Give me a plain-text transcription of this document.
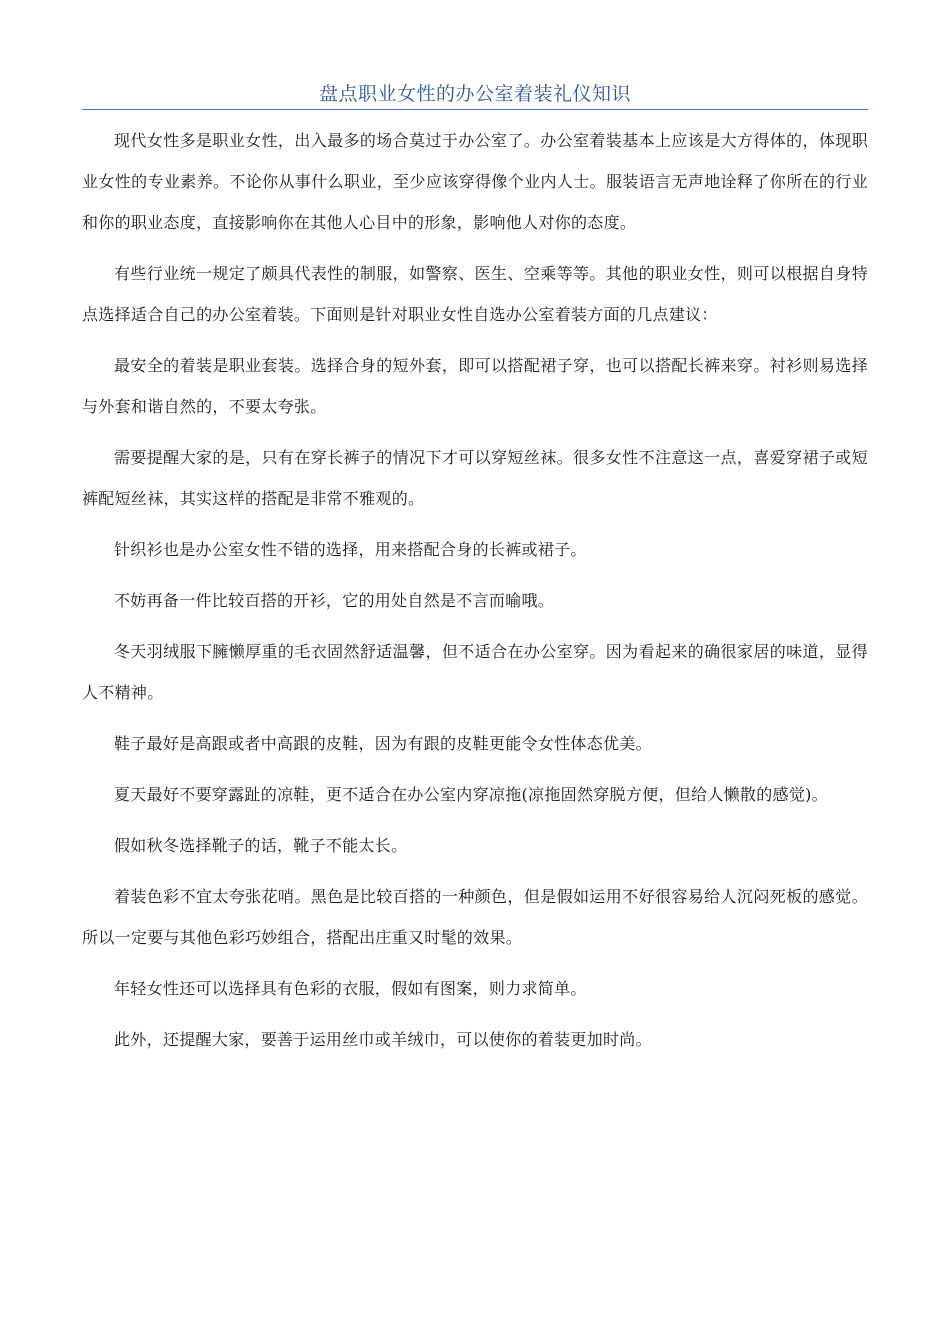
盘点职业女性的办公室着装礼仪知识

现代女性多是职业女性，出入最多的场合莫过于办公室了。办公室着装基本上应该是大方得体的，体现职业女性的专业素养。不论你从事什么职业，至少应该穿得像个业内人士。服装语言无声地诠释了你所在的行业和你的职业态度，直接影响你在其他人心目中的形象，影响他人对你的态度。

有些行业统一规定了颇具代表性的制服，如警察、医生、空乘等等。其他的职业女性，则可以根据自身特点选择适合自己的办公室着装。下面则是针对职业女性自选办公室着装方面的几点建议：

最安全的着装是职业套装。选择合身的短外套，即可以搭配裙子穿，也可以搭配长裤来穿。衬衫则易选择与外套和谐自然的，不要太夸张。

需要提醒大家的是，只有在穿长裤子的情况下才可以穿短丝袜。很多女性不注意这一点，喜爱穿裙子或短裤配短丝袜，其实这样的搭配是非常不雅观的。

针织衫也是办公室女性不错的选择，用来搭配合身的长裤或裙子。

不妨再备一件比较百搭的开衫，它的用处自然是不言而喻哦。

冬天羽绒服下臃懒厚重的毛衣固然舒适温馨，但不适合在办公室穿。因为看起来的确很家居的味道，显得人不精神。

鞋子最好是高跟或者中高跟的皮鞋，因为有跟的皮鞋更能令女性体态优美。

夏天最好不要穿露趾的凉鞋，更不适合在办公室内穿凉拖(凉拖固然穿脱方便，但给人懒散的感觉)。

假如秋冬选择靴子的话，靴子不能太长。

着装色彩不宜太夸张花哨。黑色是比较百搭的一种颜色，但是假如运用不好很容易给人沉闷死板的感觉。所以一定要与其他色彩巧妙组合，搭配出庄重又时髦的效果。

年轻女性还可以选择具有色彩的衣服，假如有图案，则力求简单。

此外，还提醒大家，要善于运用丝巾或羊绒巾，可以使你的着装更加时尚。
